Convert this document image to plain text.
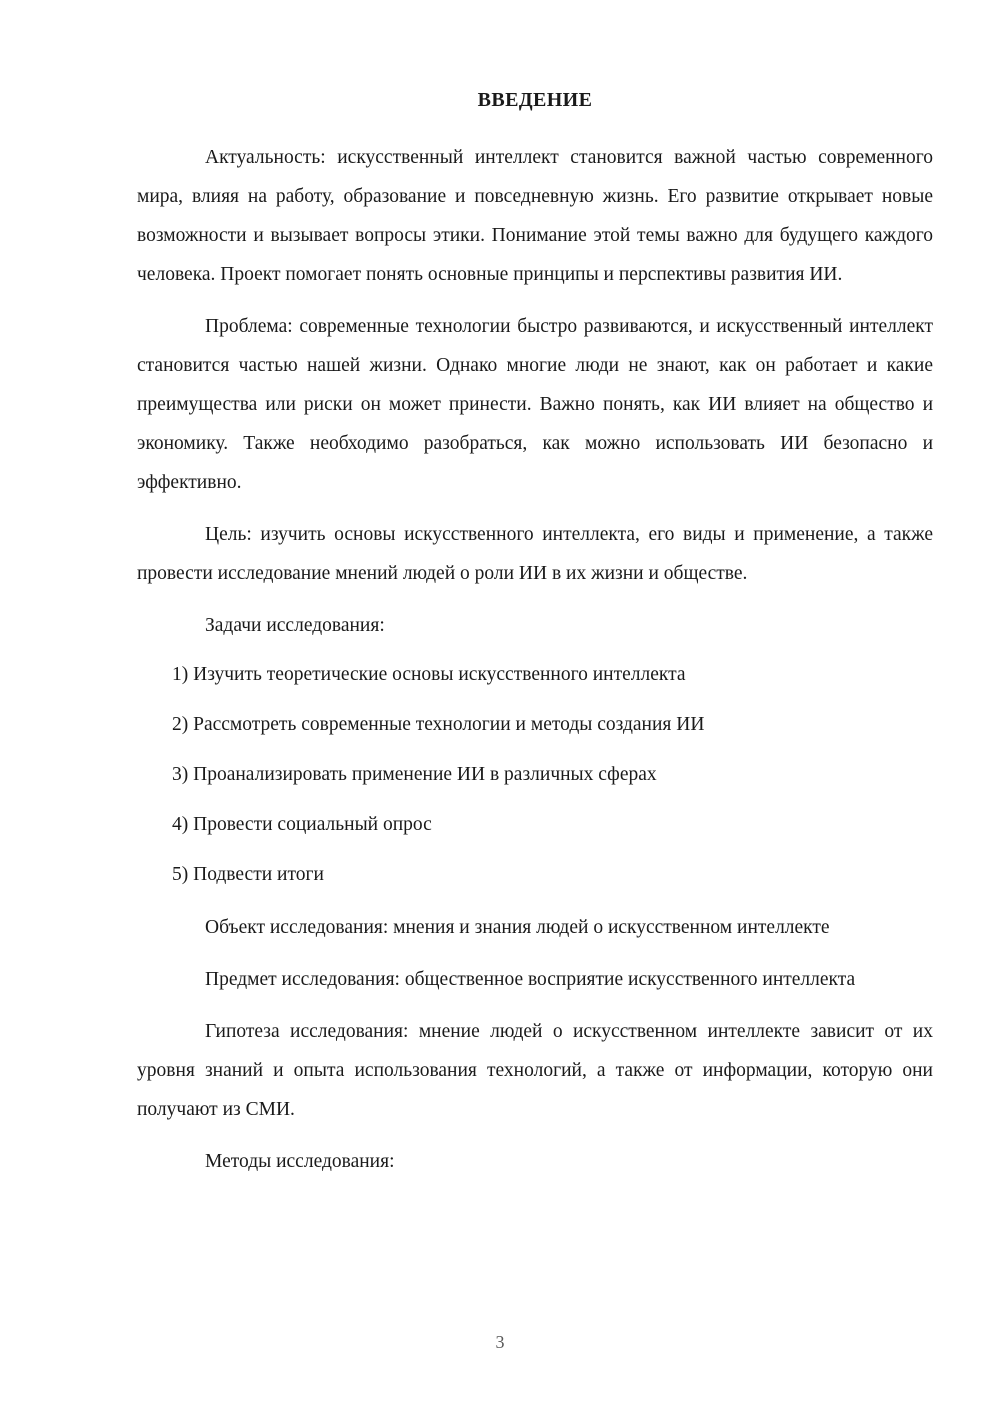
ВВЕДЕНИЕ

Актуальность: искусственный интеллект становится важной частью современного мира, влияя на работу, образование и повседневную жизнь. Его развитие открывает новые возможности и вызывает вопросы этики. Понимание этой темы важно для будущего каждого человека. Проект помогает понять основные принципы и перспективы развития ИИ.

Проблема: современные технологии быстро развиваются, и искусственный интеллект становится частью нашей жизни. Однако многие люди не знают, как он работает и какие преимущества или риски он может принести. Важно понять, как ИИ влияет на общество и экономику. Также необходимо разобраться, как можно использовать ИИ безопасно и эффективно.

Цель: изучить основы искусственного интеллекта, его виды и применение, а также провести исследование мнений людей о роли ИИ в их жизни и обществе.

Задачи исследования:

1) Изучить теоретические основы искусственного интеллекта
2) Рассмотреть современные технологии и методы создания ИИ
3) Проанализировать применение ИИ в различных сферах
4) Провести социальный опрос
5) Подвести итоги

Объект исследования: мнения и знания людей о искусственном интеллекте

Предмет исследования: общественное восприятие искусственного интеллекта

Гипотеза исследования: мнение людей о искусственном интеллекте зависит от их уровня знаний и опыта использования технологий, а также от информации, которую они получают из СМИ.

Методы исследования:

3
